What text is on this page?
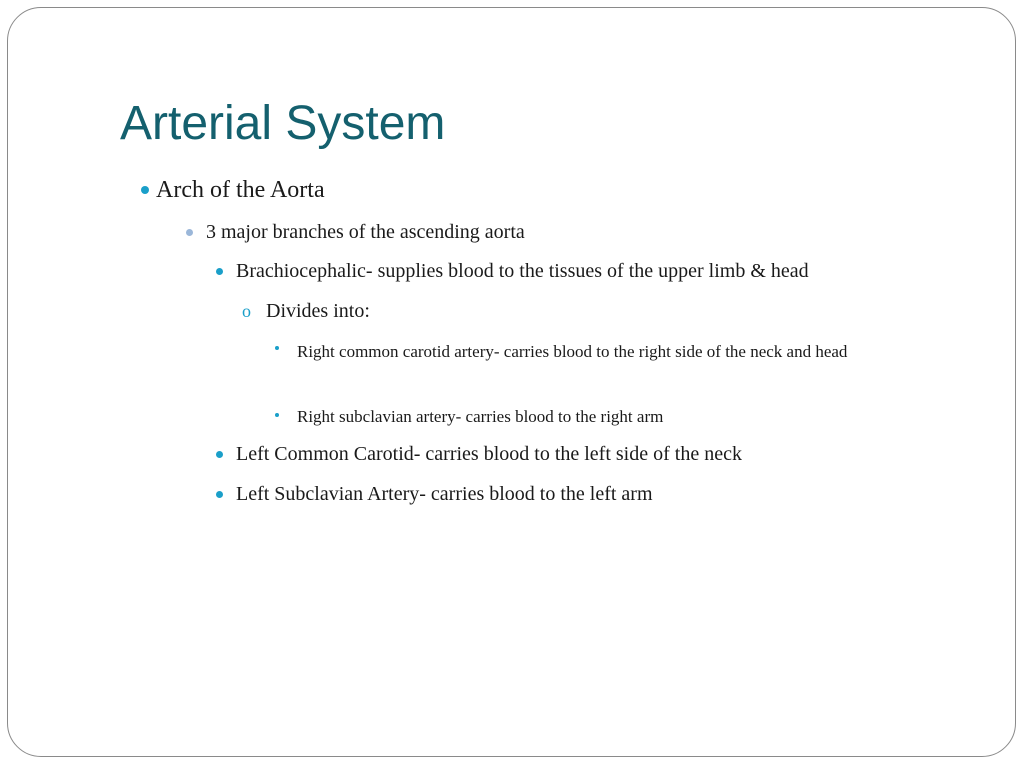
Arterial System
Arch of the Aorta
3 major branches of the ascending aorta
Brachiocephalic- supplies blood to the tissues of the upper limb & head
o Divides into:
Right common carotid artery- carries blood to the right side of the neck and head
Right subclavian artery- carries blood to the right arm
Left Common Carotid- carries blood to the left side of the neck
Left Subclavian Artery- carries blood to the left arm
